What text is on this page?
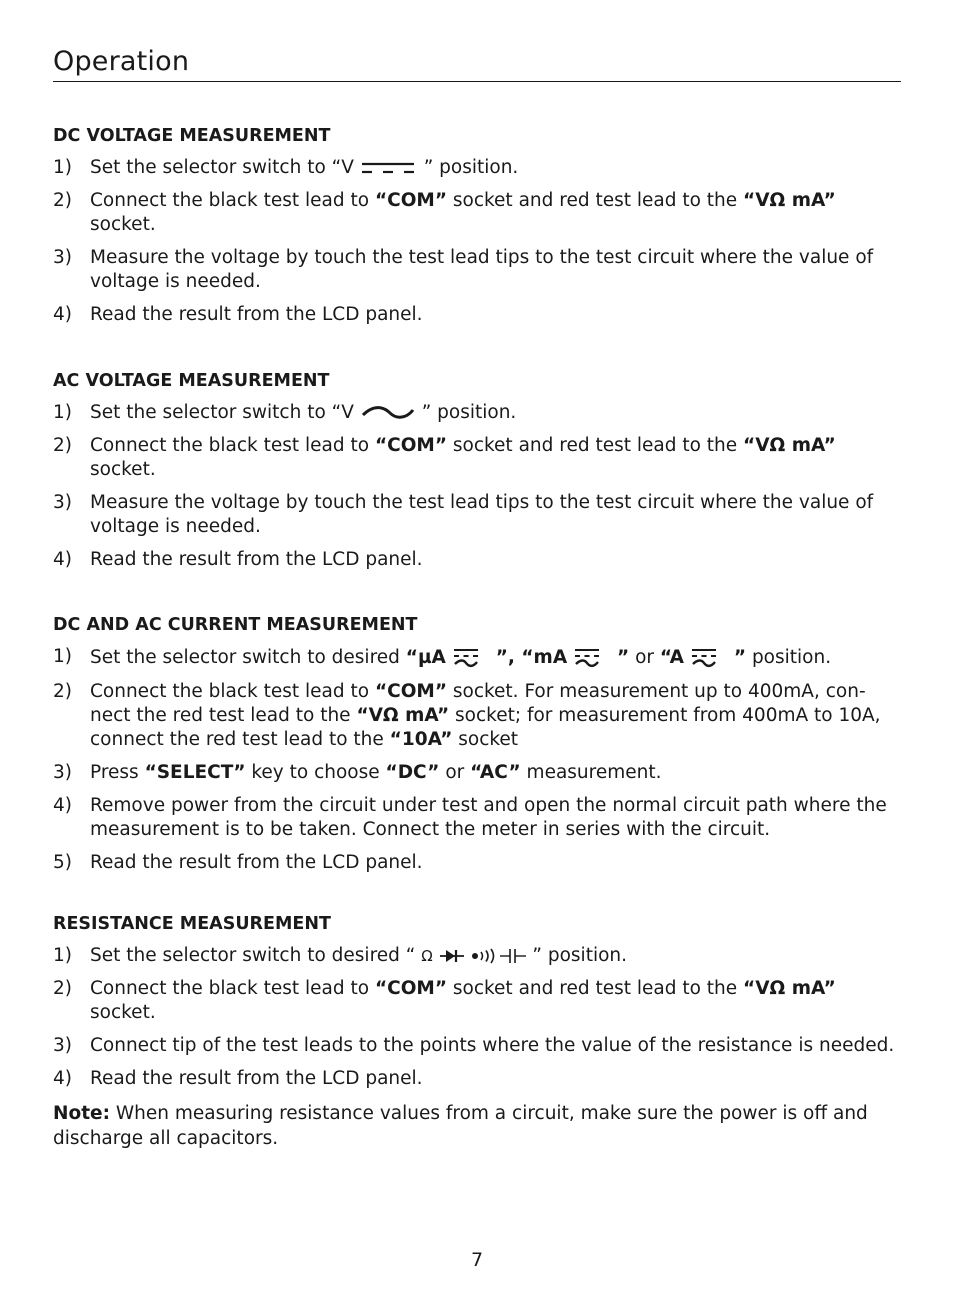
Operation
DC VOLTAGE MEASUREMENT
1) Set the selector switch to “V	” position.
2) Connect the black test lead to “COM” socket and red test lead to the “VΩ mA” socket.
3) Measure the voltage by touch the test lead tips to the test circuit where the value of voltage is needed.
4) Read the result from the LCD panel.
AC VOLTAGE MEASUREMENT
1) Set the selector switch to “V	” position.
2) Connect the black test lead to “COM” socket and red test lead to the “VΩ mA” socket.
3) Measure the voltage by touch the test lead tips to the test circuit where the value of voltage is needed.
4) Read the result from the LCD panel.
DC AND AC CURRENT MEASUREMENT
1) Set the selector switch to desired “µA	”, “mA	” or “A	” position.
2) Connect the black test lead to “COM” socket. For measurement up to 400mA, con-nect the red test lead to the “VΩ mA” socket; for measurement from 400mA to 10A, connect the red test lead to the “10A” socket
3) Press “SELECT” key to choose “DC” or “AC” measurement.
4) Remove power from the circuit under test and open the normal circuit path where the measurement is to be taken. Connect the meter in series with the circuit.
5) Read the result from the LCD panel.
RESISTANCE MEASUREMENT
1) Set the selector switch to desired “ Ω	” position.
2) Connect the black test lead to “COM” socket and red test lead to the “VΩ mA” socket.
3) Connect tip of the test leads to the points where the value of the resistance is needed.
4) Read the result from the LCD panel.
Note: When measuring resistance values from a circuit, make sure the power is off and discharge all capacitors.
7
